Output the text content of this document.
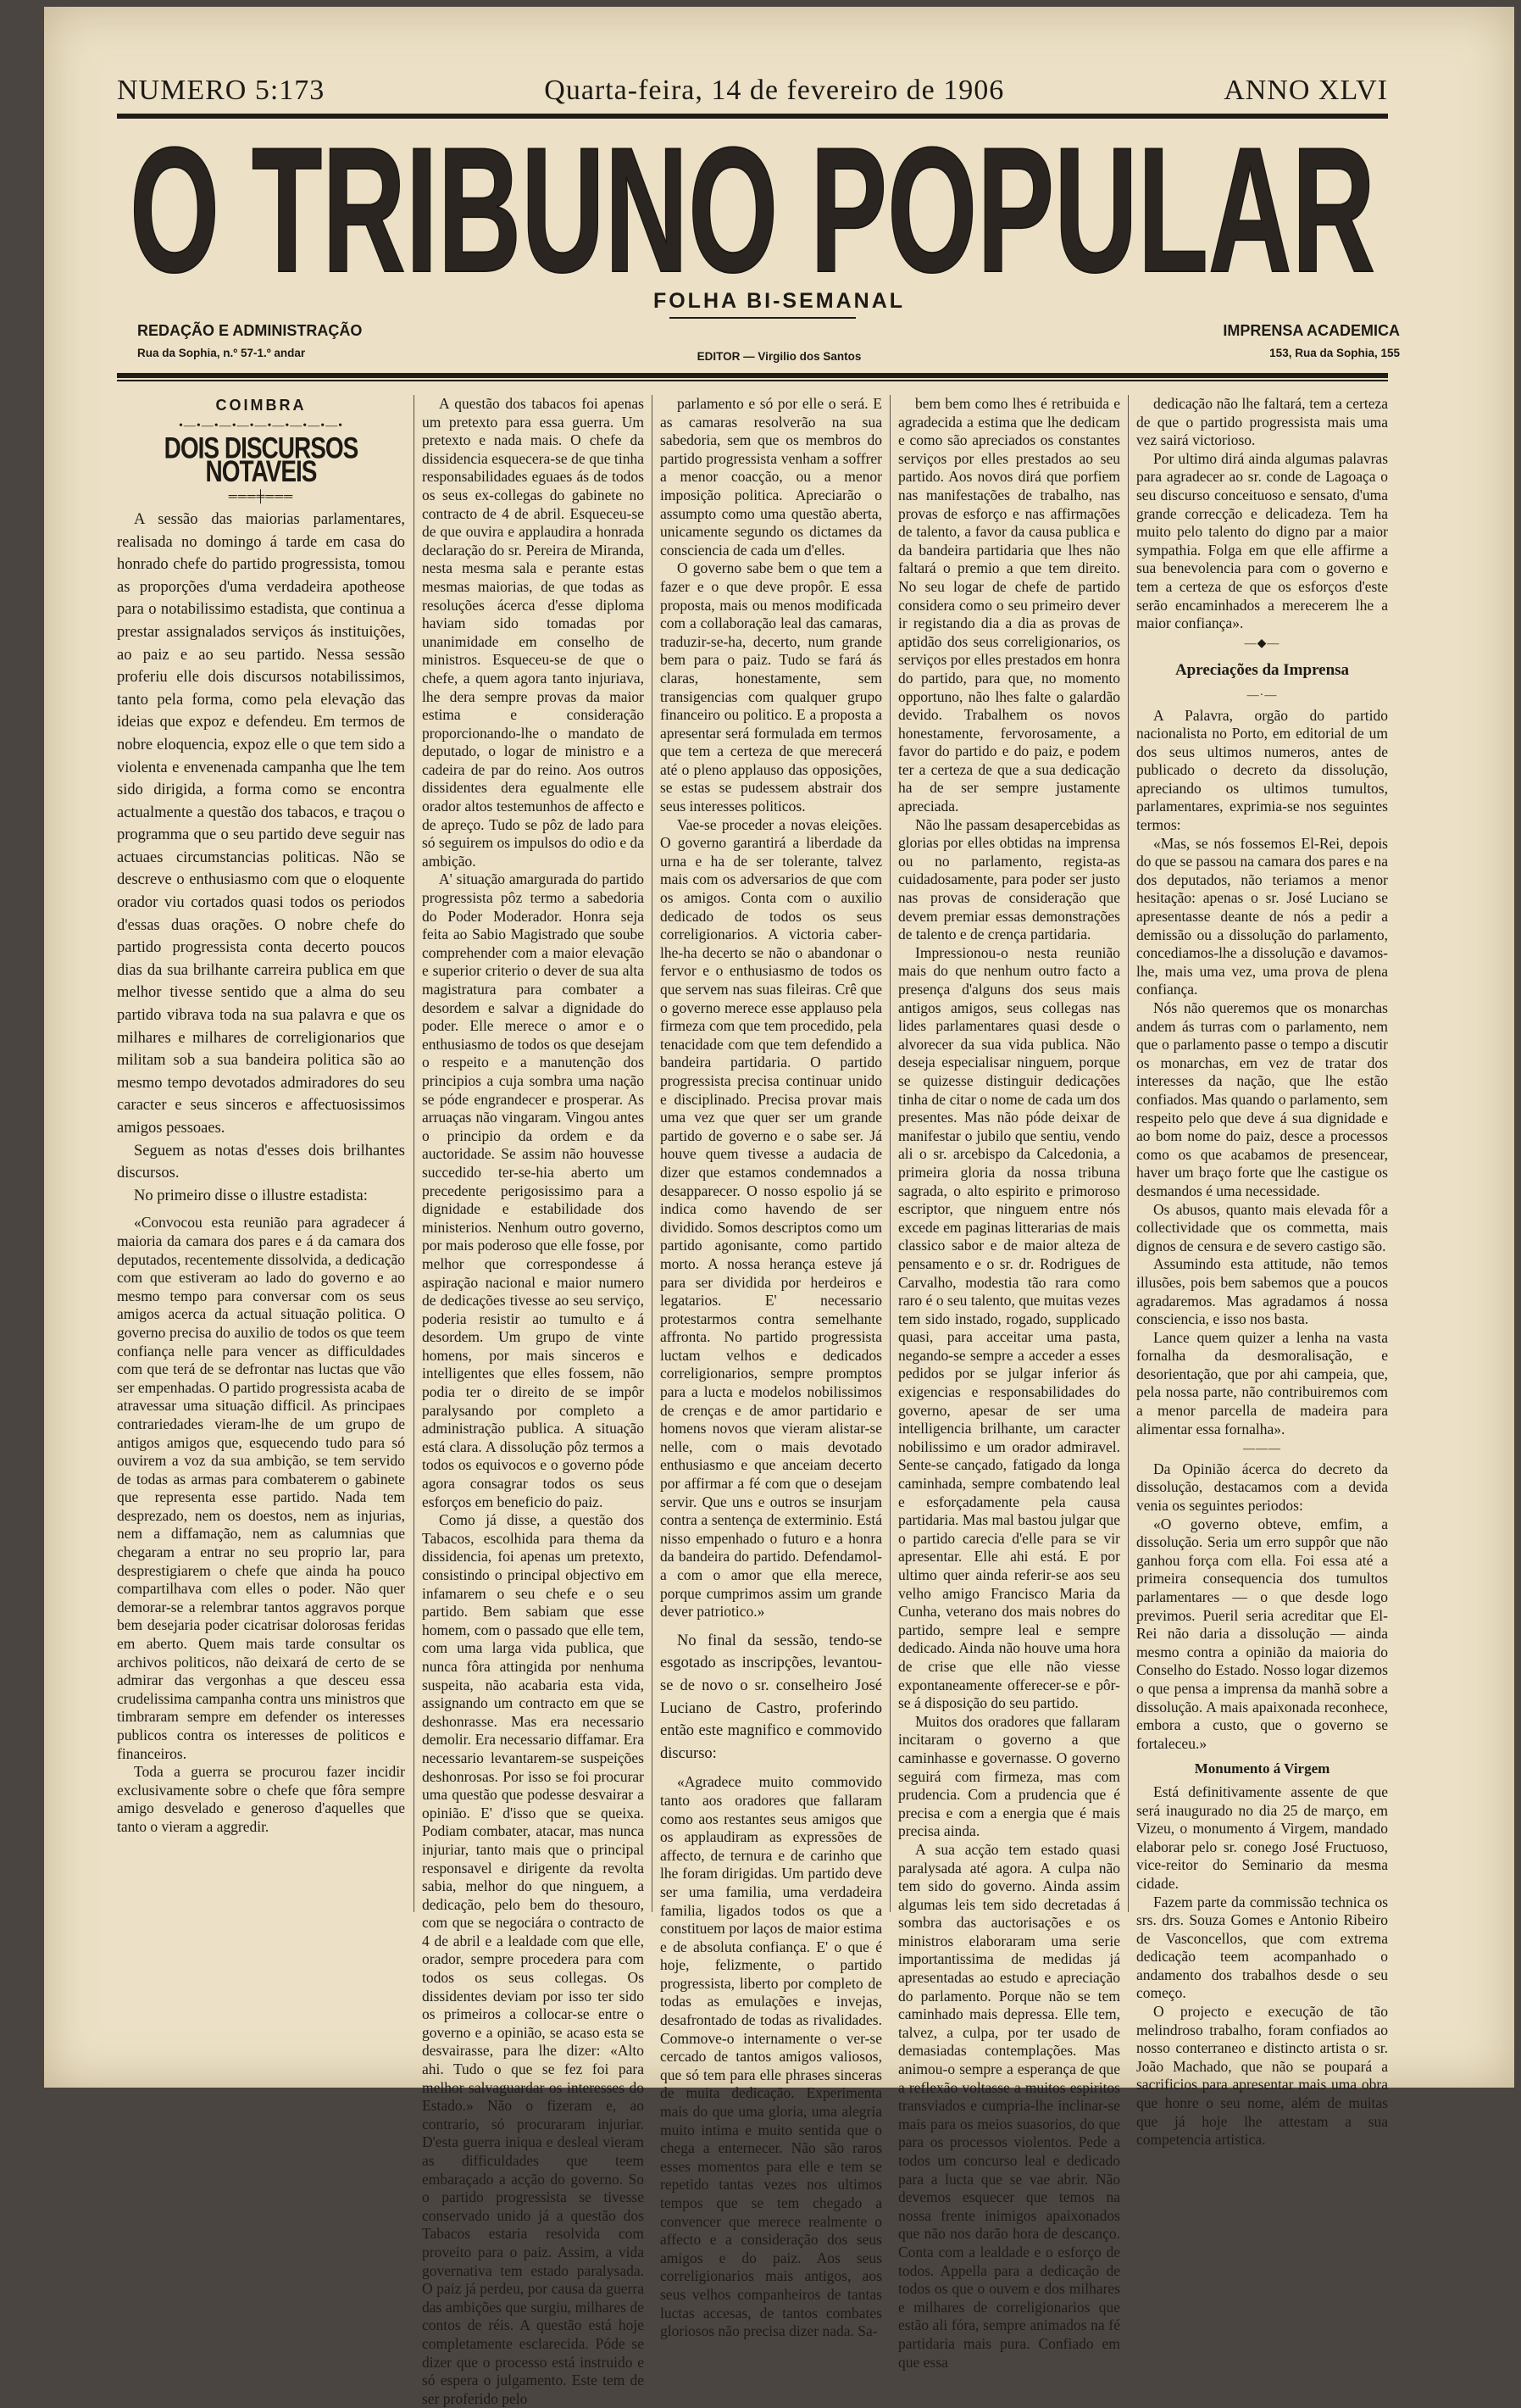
NUMERO 5:173	Quarta-feira, 14 de fevereiro de 1906	ANNO XLVI
O TRIBUNO POPULAR
FOLHA BI-SEMANAL
REDAÇÃO E ADMINISTRAÇÃO
Rua da Sophia, n.º 57-1.º andar	EDITOR — Virgilio dos Santos
IMPRENSA ACADEMICA
153, Rua da Sophia, 155
COIMBRA
•—•—•—•—•—•—•—•—•—•
DOIS DISCURSOS NOTAVEIS
═══╪═══

A sessão das maiorias parlamentares, realisada no domingo á tarde em casa do honrado chefe do partido progressista, tomou as proporções d'uma verdadeira apotheose para o notabilissimo estadista, que continua a prestar assignalados serviços ás instituições, ao paiz e ao seu partido. Nessa sessão proferiu elle dois discursos notabilissimos, tanto pela forma, como pela elevação das ideias que expoz e defendeu. Em termos de nobre eloquencia, expoz elle o que tem sido a violenta e envenenada campanha que lhe tem sido dirigida, a forma como se encontra actualmente a questão dos tabacos, e traçou o programma que o seu partido deve seguir nas actuaes circumstancias politicas. Não se descreve o enthusiasmo com que o eloquente orador viu cortados quasi todos os periodos d'essas duas orações. O nobre chefe do partido progressista conta decerto poucos dias da sua brilhante carreira publica em que melhor tivesse sentido que a alma do seu partido vibrava toda na sua palavra e que os milhares e milhares de correligionarios que militam sob a sua bandeira politica são ao mesmo tempo devotados admiradores do seu caracter e seus sinceros e affectuosissimos amigos pessoaes.

Seguem as notas d'esses dois brilhantes discursos.

No primeiro disse o illustre estadista:

«Convocou esta reunião para agradecer á maioria da camara dos pares e á da camara dos deputados, recentemente dissolvida, a dedicação com que estiveram ao lado do governo e ao mesmo tempo para conversar com os seus amigos acerca da actual situação politica. O governo precisa do auxilio de todos os que teem confiança nelle para vencer as difficuldades com que terá de se defrontar nas luctas que vão ser empenhadas. O partido progressista acaba de atravessar uma situação difficil. As principaes contrariedades vieram-lhe de um grupo de antigos amigos que, esquecendo tudo para só ouvirem a voz da sua ambição, se tem servido de todas as armas para combaterem o gabinete que representa esse partido. Nada tem desprezado, nem os doestos, nem as injurias, nem a diffamação, nem as calumnias que chegaram a entrar no seu proprio lar, para desprestigiarem o chefe que ainda ha pouco compartilhava com elles o poder. Não quer demorar-se a relembrar tantos aggravos porque bem desejaria poder cicatrisar dolorosas feridas em aberto. Quem mais tarde consultar os archivos politicos, não deixará de certo de se admirar das vergonhas a que desceu essa crudelissima campanha contra uns ministros que timbraram sempre em defender os interesses publicos contra os interesses de politicos e financeiros.

Toda a guerra se procurou fazer incidir exclusivamente sobre o chefe que fôra sempre amigo desvelado e generoso d'aquelles que tanto o vieram a aggredir.

A questão dos tabacos foi apenas um pretexto para essa guerra. Um pretexto e nada mais. O chefe da dissidencia esquecera-se de que tinha responsabilidades eguaes ás de todos os seus ex-collegas do gabinete no contracto de 4 de abril. Esqueceu-se de que ouvira e applaudira a honrada declaração do sr. Pereira de Miranda, nesta mesma sala e perante estas mesmas maiorias, de que todas as resoluções ácerca d'esse diploma haviam sido tomadas por unanimidade em conselho de ministros. Esqueceu-se de que o chefe, a quem agora tanto injuriava, lhe dera sempre provas da maior estima e consideração proporcionando-lhe o mandato de deputado, o logar de ministro e a cadeira de par do reino. Aos outros dissidentes dera egualmente elle orador altos testemunhos de affecto e de apreço. Tudo se pôz de lado para só seguirem os impulsos do odio e da ambição.

A' situação amargurada do partido progressista pôz termo a sabedoria do Poder Moderador. Honra seja feita ao Sabio Magistrado que soube comprehender com a maior elevação e superior criterio o dever de sua alta magistratura para combater a desordem e salvar a dignidade do poder. Elle merece o amor e o enthusiasmo de todos os que desejam o respeito e a manutenção dos principios a cuja sombra uma nação se póde engrandecer e prosperar. As arruaças não vingaram. Vingou antes o principio da ordem e da auctoridade. Se assim não houvesse succedido ter-se-hia aberto um precedente perigosissimo para a dignidade e estabilidade dos ministerios. Nenhum outro governo, por mais poderoso que elle fosse, por melhor que correspondesse á aspiração nacional e maior numero de dedicações tivesse ao seu serviço, poderia resistir ao tumulto e á desordem. Um grupo de vinte homens, por mais sinceros e intelligentes que elles fossem, não podia ter o direito de se impôr paralysando por completo a administração publica. A situação está clara. A dissolução pôz termos a todos os equivocos e o governo póde agora consagrar todos os seus esforços em beneficio do paiz.

Como já disse, a questão dos Tabacos, escolhida para thema da dissidencia, foi apenas um pretexto, consistindo o principal objectivo em infamarem o seu chefe e o seu partido. Bem sabiam que esse homem, com o passado que elle tem, com uma larga vida publica, que nunca fôra attingida por nenhuma suspeita, não acabaria esta vida, assignando um contracto em que se deshonrasse. Mas era necessario demolir. Era necessario diffamar. Era necessario levantarem-se suspeições deshonrosas. Por isso se foi procurar uma questão que podesse desvairar a opinião. E' d'isso que se queixa. Podiam combater, atacar, mas nunca injuriar, tanto mais que o principal responsavel e dirigente da revolta sabia, melhor do que ninguem, a dedicação, pelo bem do thesouro, com que se negociára o contracto de 4 de abril e a lealdade com que elle, orador, sempre procedera para com todos os seus collegas. Os dissidentes deviam por isso ter sido os primeiros a collocar-se entre o governo e a opinião, se acaso esta se desvairasse, para lhe dizer: «Alto ahi. Tudo o que se fez foi para melhor salvaguardar os interesses do Estado.» Não o fizeram e, ao contrario, só procuraram injuriar. D'esta guerra iniqua e desleal vieram as difficuldades que teem embaraçado a acção do governo. So o partido progressista se tivesse conservado unido já a questão dos Tabacos estaria resolvida com proveito para o paiz. Assim, a vida governativa tem estado paralysada. O paiz já perdeu, por causa da guerra das ambições que surgiu, milhares de contos de réis. A questão está hoje completamente esclarecida. Póde se dizer que o processo está instruido e só espera o julgamento. Este tem de ser proferido pelo

parlamento e só por elle o será. E as camaras resolverão na sua sabedoria, sem que os membros do partido progressista venham a soffrer a menor coacção, ou a menor imposição politica. Apreciarão o assumpto como uma questão aberta, unicamente segundo os dictames da consciencia de cada um d'elles.

O governo sabe bem o que tem a fazer e o que deve propôr. E essa proposta, mais ou menos modificada com a collaboração leal das camaras, traduzir-se-ha, decerto, num grande bem para o paiz. Tudo se fará ás claras, honestamente, sem transigencias com qualquer grupo financeiro ou politico. E a proposta a apresentar será formulada em termos que tem a certeza de que merecerá até o pleno applauso das opposições, se estas se pudessem abstrair dos seus interesses politicos.

Vae-se proceder a novas eleições. O governo garantirá a liberdade da urna e ha de ser tolerante, talvez mais com os adversarios de que com os amigos. Conta com o auxilio dedicado de todos os seus correligionarios. A victoria caber-lhe-ha decerto se não o abandonar o fervor e o enthusiasmo de todos os que servem nas suas fileiras. Crê que o governo merece esse applauso pela firmeza com que tem procedido, pela tenacidade com que tem defendido a bandeira partidaria. O partido progressista precisa continuar unido e disciplinado. Precisa provar mais uma vez que quer ser um grande partido de governo e o sabe ser. Já houve quem tivesse a audacia de dizer que estamos condemnados a desapparecer. O nosso espolio já se indica como havendo de ser dividido. Somos descriptos como um partido agonisante, como partido morto. A nossa herança esteve já para ser dividida por herdeiros e legatarios. E' necessario protestarmos contra semelhante affronta. No partido progressista luctam velhos e dedicados correligionarios, sempre promptos para a lucta e modelos nobilissimos de crenças e de amor partidario e homens novos que vieram alistar-se nelle, com o mais devotado enthusiasmo e que anceiam decerto por affirmar a fé com que o desejam servir. Que uns e outros se insurjam contra a sentença de exterminio. Está nisso empenhado o futuro e a honra da bandeira do partido. Defendamol-a com o amor que ella merece, porque cumprimos assim um grande dever patriotico.»

No final da sessão, tendo-se esgotado as inscripções, levantou-se de novo o sr. conselheiro José Luciano de Castro, proferindo então este magnifico e commovido discurso:

«Agradece muito commovido tanto aos oradores que fallaram como aos restantes seus amigos que os applaudiram as expressões de affecto, de ternura e de carinho que lhe foram dirigidas. Um partido deve ser uma familia, uma verdadeira familia, ligados todos os que a constituem por laços de maior estima e de absoluta confiança. E' o que é hoje, felizmente, o partido progressista, liberto por completo de todas as emulações e invejas, desafrontado de todas as rivalidades. Commove-o internamente o ver-se cercado de tantos amigos valiosos, que só tem para elle phrases sinceras de muita dedicação. Experimenta mais do que uma gloria, uma alegria muito intima e muito sentida que o chega a enternecer. Não são raros esses momentos para elle e tem se repetido tantas vezes nos ultimos tempos que se tem chegado a convencer que merece realmente o affecto e a consideração dos seus amigos e do paiz. Aos seus correligionarios mais antigos, aos seus velhos companheiros de tantas luctas accesas, de tantos combates gloriosos não precisa dizer nada. Sa-

bem bem como lhes é retribuida e agradecida a estima que lhe dedicam e como são apreciados os constantes serviços por elles prestados ao seu partido. Aos novos dirá que porfiem nas manifestações de trabalho, nas provas de esforço e nas affirmações de talento, a favor da causa publica e da bandeira partidaria que lhes não faltará o premio a que tem direito. No seu logar de chefe de partido considera como o seu primeiro dever ir registando dia a dia as provas de aptidão dos seus correligionarios, os serviços por elles prestados em honra do partido, para que, no momento opportuno, não lhes falte o galardão devido. Trabalhem os novos honestamente, fervorosamente, a favor do partido e do paiz, e podem ter a certeza de que a sua dedicação ha de ser sempre justamente apreciada.

Não lhe passam desapercebidas as glorias por elles obtidas na imprensa ou no parlamento, regista-as cuidadosamente, para poder ser justo nas provas de consideração que devem premiar essas demonstrações de talento e de crença partidaria.

Impressionou-o nesta reunião mais do que nenhum outro facto a presença d'alguns dos seus mais antigos amigos, seus collegas nas lides parlamentares quasi desde o alvorecer da sua vida publica. Não deseja especialisar ninguem, porque se quizesse distinguir dedicações tinha de citar o nome de cada um dos presentes. Mas não póde deixar de manifestar o jubilo que sentiu, vendo ali o sr. arcebispo da Calcedonia, a primeira gloria da nossa tribuna sagrada, o alto espirito e primoroso escriptor, que ninguem entre nós excede em paginas litterarias de mais classico sabor e de maior alteza de pensamento e o sr. dr. Rodrigues de Carvalho, modestia tão rara como raro é o seu talento, que muitas vezes tem sido instado, rogado, supplicado quasi, para acceitar uma pasta, negando-se sempre a acceder a esses pedidos por se julgar inferior ás exigencias e responsabilidades do governo, apesar de ser uma intelligencia brilhante, um caracter nobilissimo e um orador admiravel. Sente-se cançado, fatigado da longa caminhada, sempre combatendo leal e esforçadamente pela causa partidaria. Mas mal bastou julgar que o partido carecia d'elle para se vir apresentar. Elle ahi está. E por ultimo quer ainda referir-se aos seu velho amigo Francisco Maria da Cunha, veterano dos mais nobres do partido, sempre leal e sempre dedicado. Ainda não houve uma hora de crise que elle não viesse expontaneamente offerecer-se e pôr-se á disposição do seu partido.

Muitos dos oradores que fallaram incitaram o governo a que caminhasse e governasse. O governo seguirá com firmeza, mas com prudencia. Com a prudencia que é precisa e com a energia que é mais precisa ainda.

A sua acção tem estado quasi paralysada até agora. A culpa não tem sido do governo. Ainda assim algumas leis tem sido decretadas á sombra das auctorisações e os ministros elaboraram uma serie importantissima de medidas já apresentadas ao estudo e apreciação do parlamento. Porque não se tem caminhado mais depressa. Elle tem, talvez, a culpa, por ter usado de demasiadas contemplações. Mas animou-o sempre a esperança de que a reflexão voltasse a muitos espiritos transviados e cumpria-lhe inclinar-se mais para os meios suasorios, do que para os processos violentos. Pede a todos um concurso leal e dedicado para a lucta que se vae abrir. Não devemos esquecer que temos na nossa frente inimigos apaixonados que não nos darão hora de descanço. Conta com a lealdade e o esforço de todos. Appella para a dedicação de todos os que o ouvem e dos milhares e milhares de correligionarios que estão ali fóra, sempre animados na fé partidaria mais pura. Confiado em que essa

dedicação não lhe faltará, tem a certeza de que o partido progressista mais uma vez sairá victorioso.

Por ultimo dirá ainda algumas palavras para agradecer ao sr. conde de Lagoaça o seu discurso conceituoso e sensato, d'uma grande correcção e delicadeza. Tem ha muito pelo talento do digno par a maior sympathia. Folga em que elle affirme a sua benevolencia para com o governo e tem a certeza de que os esforços d'este serão encaminhados a merecerem lhe a maior confiança».

—◆—
Apreciações da Imprensa
—·—

A Palavra, orgão do partido nacionalista no Porto, em editorial de um dos seus ultimos numeros, antes de publicado o decreto da dissolução, apreciando os ultimos tumultos, parlamentares, exprimia-se nos seguintes termos:

«Mas, se nós fossemos El-Rei, depois do que se passou na camara dos pares e na dos deputados, não teriamos a menor hesitação: apenas o sr. José Luciano se apresentasse deante de nós a pedir a demissão ou a dissolução do parlamento, concediamos-lhe a dissolução e davamos-lhe, mais uma vez, uma prova de plena confiança.

Nós não queremos que os monarchas andem ás turras com o parlamento, nem que o parlamento passe o tempo a discutir os monarchas, em vez de tratar dos interesses da nação, que lhe estão confiados. Mas quando o parlamento, sem respeito pelo que deve á sua dignidade e ao bom nome do paiz, desce a processos como os que acabamos de presencear, haver um braço forte que lhe castigue os desmandos é uma necessidade.

Os abusos, quanto mais elevada fôr a collectividade que os commetta, mais dignos de censura e de severo castigo são.

Assumindo esta attitude, não temos illusões, pois bem sabemos que a poucos agradaremos. Mas agradamos á nossa consciencia, e isso nos basta.

Lance quem quizer a lenha na vasta fornalha da desmoralisação, e desorientação, que por ahi campeia, que, pela nossa parte, não contribuiremos com a menor parcella de madeira para alimentar essa fornalha».

———

Da Opinião ácerca do decreto da dissolução, destacamos com a devida venia os seguintes periodos:

«O governo obteve, emfim, a dissolução. Seria um erro suppôr que não ganhou força com ella. Foi essa até a primeira consequencia dos tumultos parlamentares — o que desde logo previmos. Pueril seria acreditar que El-Rei não daria a dissolução — ainda mesmo contra a opinião da maioria do Conselho do Estado. Nosso logar dizemos o que pensa a imprensa da manhã sobre a dissolução. A mais apaixonada reconhece, embora a custo, que o governo se fortaleceu.»

Monumento á Virgem

Está definitivamente assente de que será inaugurado no dia 25 de março, em Vizeu, o monumento á Virgem, mandado elaborar pelo sr. conego José Fructuoso, vice-reitor do Seminario da mesma cidade.

Fazem parte da commissão technica os srs. drs. Souza Gomes e Antonio Ribeiro de Vasconcellos, que com extrema dedicação teem acompanhado o andamento dos trabalhos desde o seu começo.

O projecto e execução de tão melindroso trabalho, foram confiados ao nosso conterraneo e distincto artista o sr. João Machado, que não se poupará a sacrificios para apresentar mais uma obra que honre o seu nome, além de muitas que já hoje lhe attestam a sua competencia artistica.
